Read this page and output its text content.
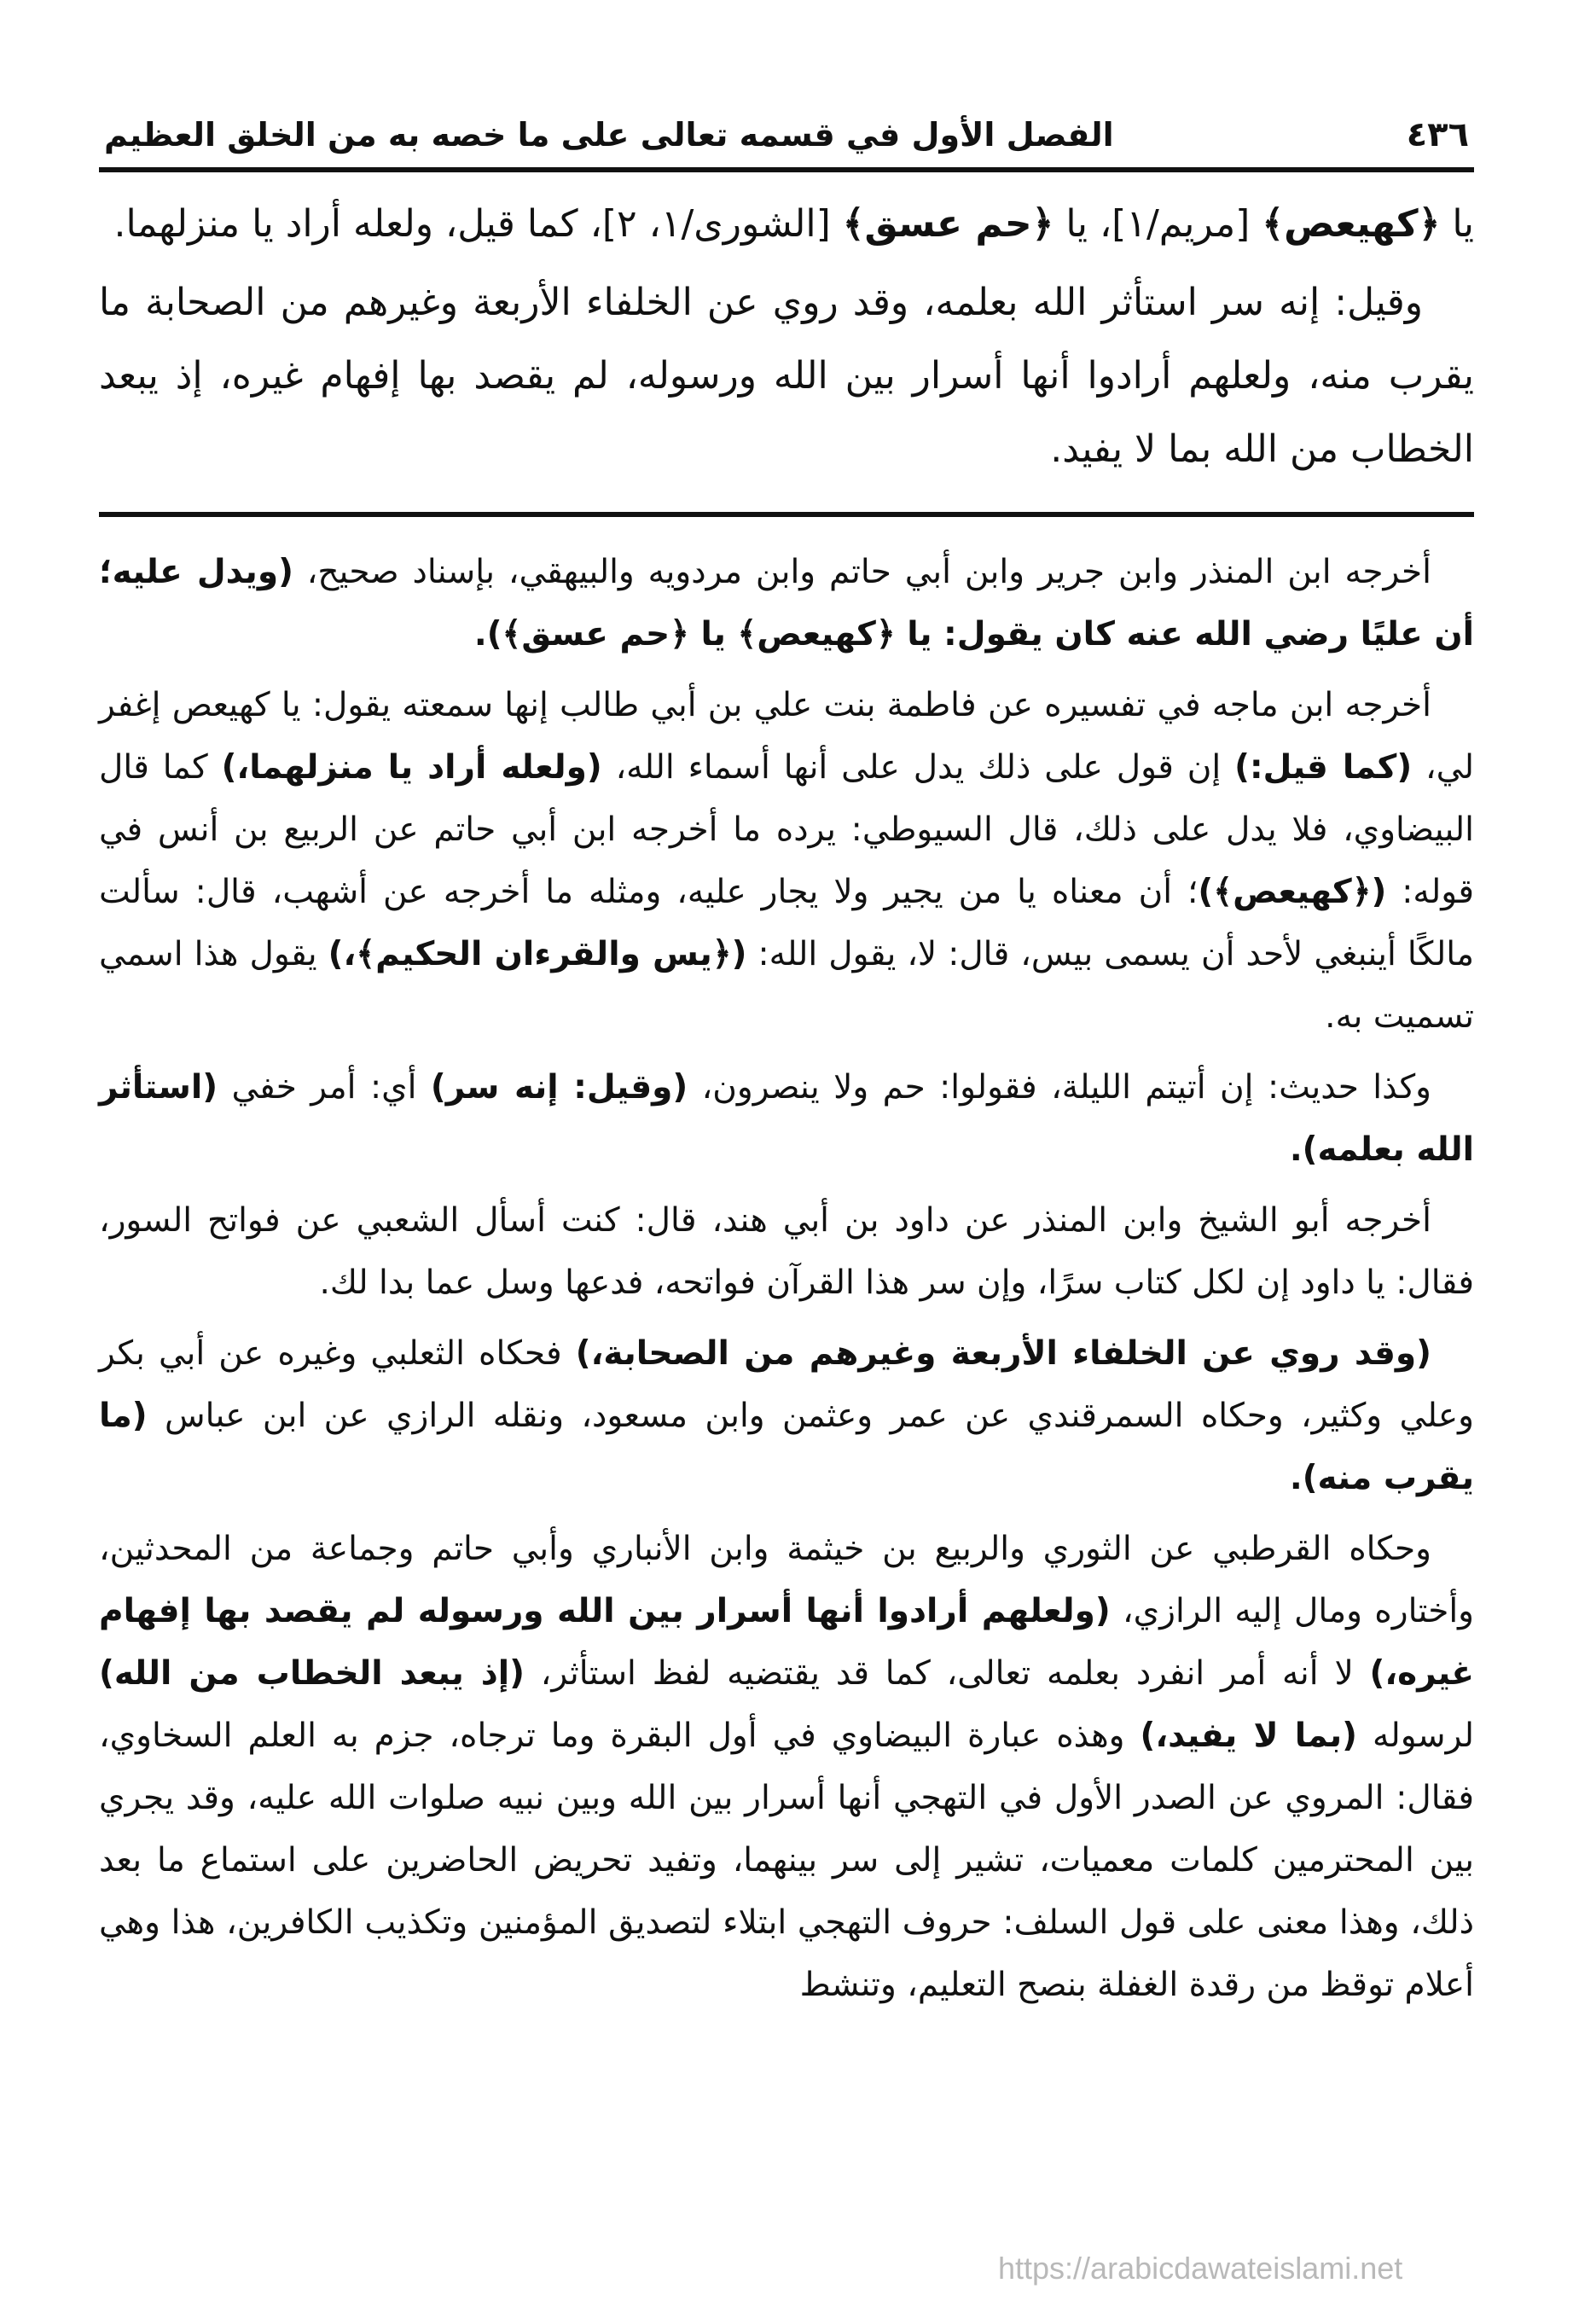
٤٣٦
الفصل الأول في قسمه تعالى على ما خصه به من الخلق العظيم

يا ﴿كهيعص﴾ [مريم/١]، يا ﴿حم عسق﴾ [الشورى/١، ٢]، كما قيل، ولعله أراد يا منزلهما.

وقيل: إنه سر استأثر الله بعلمه، وقد روي عن الخلفاء الأربعة وغيرهم من الصحابة ما يقرب منه، ولعلهم أرادوا أنها أسرار بين الله ورسوله، لم يقصد بها إفهام غيره، إذ يبعد الخطاب من الله بما لا يفيد.

أخرجه ابن المنذر وابن جرير وابن أبي حاتم وابن مردويه والبيهقي، بإسناد صحيح، (ويدل عليه؛ أن عليًا رضي الله عنه كان يقول: يا ﴿كهيعص﴾ يا ﴿حم عسق﴾).

أخرجه ابن ماجه في تفسيره عن فاطمة بنت علي بن أبي طالب إنها سمعته يقول: يا كهيعص إغفر لي، (كما قيل:) إن قول على ذلك يدل على أنها أسماء الله، (ولعله أراد يا منزلهما،) كما قال البيضاوي، فلا يدل على ذلك، قال السيوطي: يرده ما أخرجه ابن أبي حاتم عن الربيع بن أنس في قوله: (﴿كهيعص﴾)؛ أن معناه يا من يجير ولا يجار عليه، ومثله ما أخرجه عن أشهب، قال: سألت مالكًا أينبغي لأحد أن يسمى بيس، قال: لا، يقول الله: (﴿يس والقرءان الحكيم﴾،) يقول هذا اسمي تسميت به.

وكذا حديث: إن أتيتم الليلة، فقولوا: حم ولا ينصرون، (وقيل: إنه سر) أي: أمر خفي (استأثر الله بعلمه).

أخرجه أبو الشيخ وابن المنذر عن داود بن أبي هند، قال: كنت أسأل الشعبي عن فواتح السور، فقال: يا داود إن لكل كتاب سرًا، وإن سر هذا القرآن فواتحه، فدعها وسل عما بدا لك.

(وقد روي عن الخلفاء الأربعة وغيرهم من الصحابة،) فحكاه الثعلبي وغيره عن أبي بكر وعلي وكثير، وحكاه السمرقندي عن عمر وعثمن وابن مسعود، ونقله الرازي عن ابن عباس (ما يقرب منه).

وحكاه القرطبي عن الثوري والربيع بن خيثمة وابن الأنباري وأبي حاتم وجماعة من المحدثين، وأختاره ومال إليه الرازي، (ولعلهم أرادوا أنها أسرار بين الله ورسوله لم يقصد بها إفهام غيره،) لا أنه أمر انفرد بعلمه تعالى، كما قد يقتضيه لفظ استأثر، (إذ يبعد الخطاب من الله) لرسوله (بما لا يفيد،) وهذه عبارة البيضاوي في أول البقرة وما ترجاه، جزم به العلم السخاوي، فقال: المروي عن الصدر الأول في التهجي أنها أسرار بين الله وبين نبيه صلوات الله عليه، وقد يجري بين المحترمين كلمات معميات، تشير إلى سر بينهما، وتفيد تحريض الحاضرين على استماع ما بعد ذلك، وهذا معنى على قول السلف: حروف التهجي ابتلاء لتصديق المؤمنين وتكذيب الكافرين، هذا وهي أعلام توقظ من رقدة الغفلة بنصح التعليم، وتنشط

https://arabicdawateislami.net
